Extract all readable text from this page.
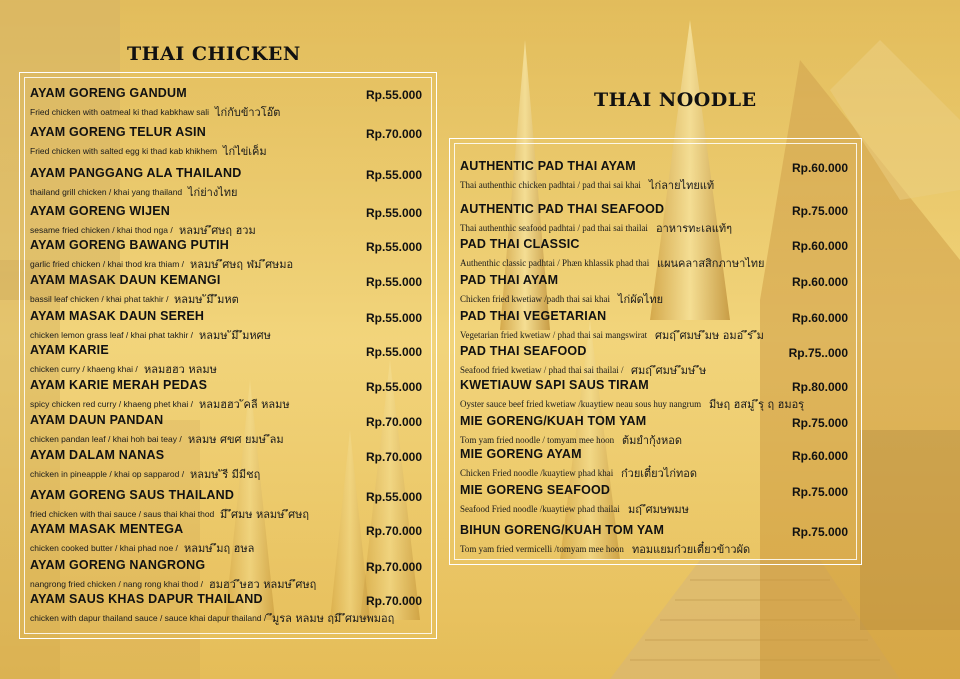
THAI CHICKEN
AYAM GORENG GANDUM	Rp.55.000
Fried chicken with oatmeal ki thad kabkhaw sali ไก่กับข้าวโอ๊ต
AYAM GORENG TELUR ASIN	Rp.70.000
Fried chicken with salted egg ki thad kab khikhem ไก่ไข่เค็ม
AYAM PANGGANG ALA THAILAND	Rp.55.000
thailand grill chicken / khai yang thailand ไก่ย่างไทย
AYAM GORENG WIJEN	Rp.55.000
sesame fried chicken / khai thod nga / หลมษ ึศษฤ ฮวม
AYAM GORENG BAWANG PUTIH	Rp.55.000
garlic fried chicken / khai thod kra thiam / หลมษ ึศษฤ ฬม ึศษมอ
AYAM MASAK DAUN KEMANGI	Rp.55.000
bassil leaf chicken / khai phat takhir / หลมษ ัมี ึมหต
AYAM MASAK DAUN SEREH	Rp.55.000
chicken lemon grass leaf / khai phat takhir / หลมษ ัมี ึมหศษ
AYAM KARIE	Rp.55.000
chicken curry / khaeng khai / หลมฮฮว หลมษ
AYAM KARIE MERAH PEDAS	Rp.55.000
spicy chicken red curry / khaeng phet khai / หลมฮฮว ัคลี หลมษ
AYAM DAUN PANDAN	Rp.70.000
chicken pandan leaf / khai hoh bai teay / หลมษ ศขศ ยมษ ึลม
AYAM DALAM NANAS	Rp.70.000
chicken in pineapple / khai op sapparod / หลมษ ัรี มีมีชฤ
AYAM GORENG SAUS THAILAND	Rp.55.000
fried chicken with thai sauce / saus thai khai thod มี ึศมษ หลมษ ึศษฤ
AYAM MASAK MENTEGA	Rp.70.000
chicken cooked butter / khai phad noe / หลมษ ึมฤ ฮษล
AYAM GORENG NANGRONG	Rp.70.000
nangrong fried chicken / nang rong khai thod / ฮมฮว ึษฮว หลมษ ึศษฤ
AYAM SAUS KHAS DAPUR THAILAND	Rp.70.000
chicken with dapur thailand sauce / sauce khai dapur thailand / ึมูรล หลมษ ฤมี ึศมษพมอฤ
THAI NOODLE
AUTHENTIC PAD THAI AYAM	Rp.60.000
Thai authenthic chicken padhtai / pad thai sai khai ไก่ลายไทยแท้
AUTHENTIC PAD THAI SEAFOOD	Rp.75.000
Thai authenthic seafood padhtai / pad thai sai thailai อาหารทะเลแท้ๆ
PAD THAI CLASSIC	Rp.60.000
Authenthic classic padhtai / Phæn khlassik phad thai แผนคลาสสิกภาษาไทย
PAD THAI AYAM	Rp.60.000
Chicken fried kwetiaw /padh thai sai khai ไก่ผัดไทย
PAD THAI VEGETARIAN	Rp.60.000
Vegetarian fried kwetiaw / phad thai sai mangswirat ศมฤ ึศมษ ึมษ อมอ ึร ึม
PAD THAI SEAFOOD	Rp.75..000
Seafood fried kwetiaw / phad thai sai thailai / ศมฤ ึศมษ ึมษ ึษ
KWETIAUW SAPI SAUS TIRAM	Rp.80.000
Oyster sauce beef fried kwetiaw /kuaytiew neau sous huy nangrum มีษฤ ฮสมู ึรุ ฤ ฮมอรุ
MIE GORENG/KUAH TOM YAM	Rp.75.000
Tom yam fried noodle / tomyam mee hoon ต้มยำกุ้งหอด
MIE GORENG AYAM	Rp.60.000
Chicken Fried noodle /kuaytiew phad khai ก๋วยเตี๋ยวไก่ทอด
MIE GORENG SEAFOOD	Rp.75.000
Seafood Fried noodle /kuaytiew phad thailai มฤ ึศมษพมษ
BIHUN GORENG/KUAH TOM YAM	Rp.75.000
Tom yam fried vermicelli /tomyam mee hoon ทอมแยมก๋วยเตี๋ยวข้าวผัด
